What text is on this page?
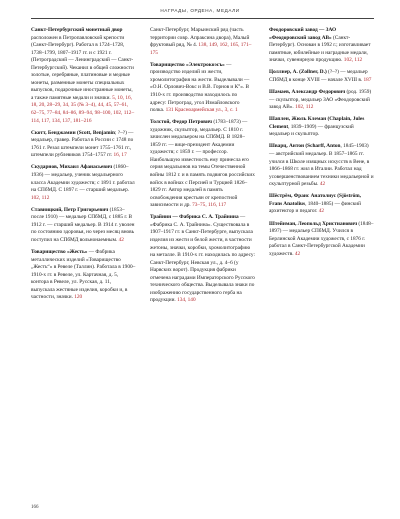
НАГРАДЫ, ОРДЕНА, МЕДАЛИ

Санкт-Петербургский монетный двор расположен в Петропавловской крепости (Санкт-Петербург). Работал в 1724–1728, 1738–1799, 1807–1917 гг. и с 1921 г. (Петроградский — Ленинградский — Санкт-Петербургский). Чеканил в общей сложности золотые, серебряные, платиновые и медные монеты, разменные монеты специальных выпусков, подарочные иностранные монеты, а также памятные медали и значки. 5, 10, 16, 18, 20, 28–29, 34, 35 (№ 3–4), 44, 45, 57–61, 62–75, 77–84, 84–86, 89–94, 98–100, 102, 112–114, 117, 134, 137, 181–216

Скотт, Бенджамин (Scott, Benjamin; ?–?) — медальер, гравер. Работал в России с 1748 по 1761 г. Резал штемпели монет 1755–1761 гг., штемпели рублевиков 1754–1757 гг. 16, 17

Скударнов, Михаил Афанасьевич (1860–1936) — медальер, ученик медальерного класса Академии художеств; с 1891 г. работал на СПбМД. С 1897 г. — старший медальер. 102, 112

Ставницкий, Петр Григорьевич (1853–после 1910) — медальер СПбМД, с 1885 г. В 1912 г. — старший медальер. В 1914 г. уволен по состоянию здоровья, но через месяц вновь поступил на СПбМД вольнонаемным. 42

Товарищество «Жесть» — Фабрика металлических изделий «Товарищество „Жесть“» в Ревеле (Таллин). Работала в 1900–1910-х гг. в Ревеле, ул. Картачная, д. 5, контора в Ревеле, ул. Русская, д. 11, выпускала жестяные изделия, коробки и, в частности, значки. 120

Санкт-Петербург, Марьинский ряд (часть территории совр. Апраксина двора), Малый фруктовый ряд, № 4. 138, 149, 162, 165, 171–175

Товарищество «Электрокоэсъ» — производство изделий из жести, хромолитография на жести. Выделывали — «О.Н. Орлович-Вокс и В.В. Горнов и К°». В 1910-х гг. производство находилось по адресу: Петроград, угол Измайловского полка. 131 Красноармейская ул., 3, с. 1

Толстой, Федор Петрович (1783–1873) — художник, скульптор, медальер. С 1810 г. зачислен медальером на СПбМД. В 1828–1859 гг. — вице-президент Академии художеств; с 1859 г. — профессор. Наибольшую известность ему принесла его серия медальонов на темы Отечественной войны 1812 г. и в память подвигов российских войск в войнах с Персией и Турцией 1826–1829 гг. Автор медалей в память освобождения крестьян от крепостной зависимости и др. 73–75, 116, 117

Трайнин — Фабрика С. А. Трайнина — «Фабрика С. А. Трайнина». Существовала в 1907–1917 гг. в Санкт-Петербурге, выпускала изделия из жести и белой жести, в частности жетоны, значки, коробки, хромолитографию на металле. В 1910-х гг. находилась по адресу: Санкт-Петербург, Невская ул., д. 4–6 (у Нарвских ворот). Продукция фабрики отмечена наградами Императорского Русского технического общества. Выделывала знаки по изображению государственного герба на продукции. 134, 140

Феодоровский завод — ЗАО «Феодоровский завод АВ» (Санкт-Петербург). Основан в 1992 г.; изготавливает памятные, юбилейные и наградные медали, значки, сувенирную продукцию. 102, 112

Цоллнер, А. (Zollner, D.) (?–?) — медальер СПбМД в конце XVIII — начале XVIII в. 187

Шамаев, Александр Федорович (род. 1959) — скульптор, медальер ЗАО «Феодоровский завод АВ». 102, 112

Шаплен, Жюль Клеман (Chaplain, Jules Clement, 1839–1909) — французский медальер и скульптор.

Шварц, Антон (Scharff, Anton, 1845–1903) — австрийский медальер. В 1857–1865 гг. учился в Школе изящных искусств в Вене, в 1866–1868 гг. жил в Италии. Работал над усовершенствованием техники медальерной и скульптурной резьбы. 42

Шёстрём, Франс Анатолиус (Sjöström, Frans Anatolius, 1840–1885) — финский архитектор и педагог. 42

Штейнман, Леопольд Христианович (1848–1897) — медальер СПбМД. Учился в Берлинской Академии художеств, с 1876 г. работал в Санкт-Петербургской Академии художеств. 42

166
